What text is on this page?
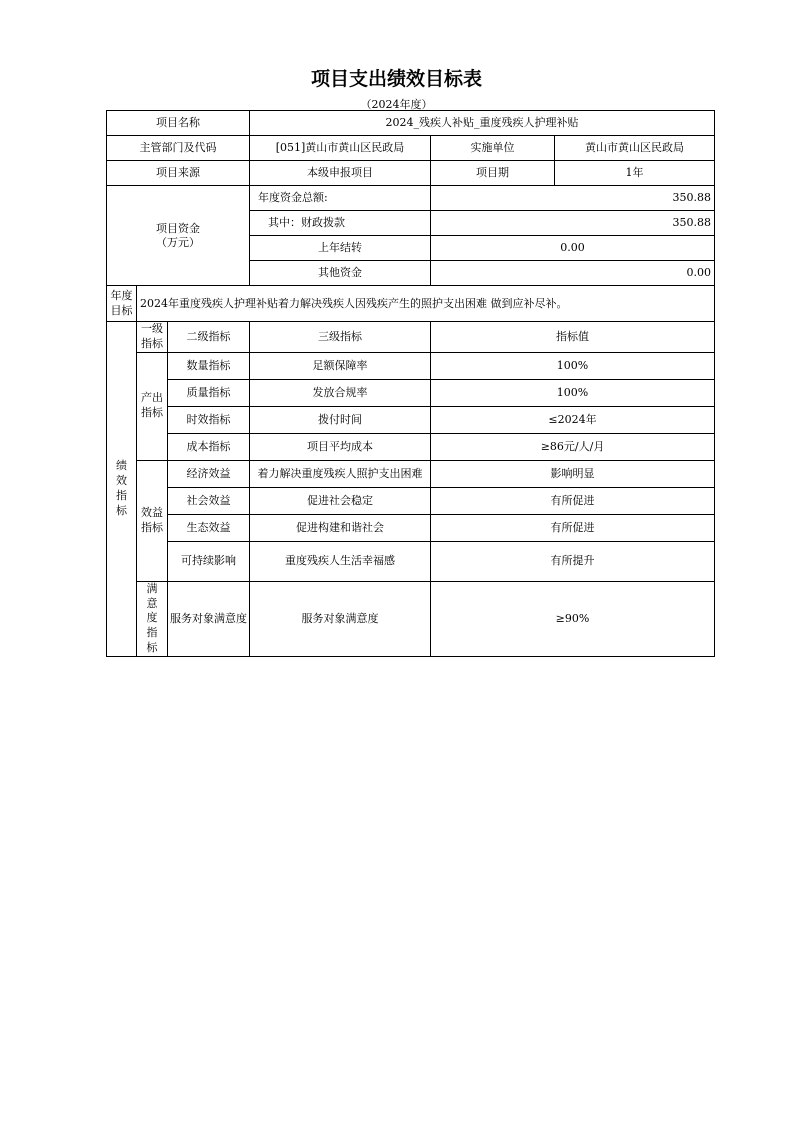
项目支出绩效目标表
（2024年度）
项目名称			2024_残疾人补贴_重度残疾人护理补贴		
主管部门及代码			[051]黄山市黄山区民政局	实施单位	黄山市黄山区民政局
项目来源			本级申报项目	项目期	1年
项目资金（万元）			年度资金总额:	350.88	
			其中：财政拨款	350.88	
			上年结转	0.00	
			其他资金	0.00	
年度目标	2024年重度残疾人护理补贴着力解决残疾人因残疾产生的照护支出困难 做到应补尽补。				
绩效指标	一级指标	二级指标	三级指标	指标值	
	产出指标	数量指标	足额保障率	100%	
		质量指标	发放合规率	100%	
		时效指标	拨付时间	≤2024年	
		成本指标	项目平均成本	≥86元/人/月	
	效益指标	经济效益	着力解决重度残疾人照护支出困难	影响明显	
		社会效益	促进社会稳定	有所促进	
		生态效益	促进构建和谐社会	有所促进	
		可持续影响	重度残疾人生活幸福感	有所提升	
	满意度指标	服务对象满意度	服务对象满意度	≥90%	
